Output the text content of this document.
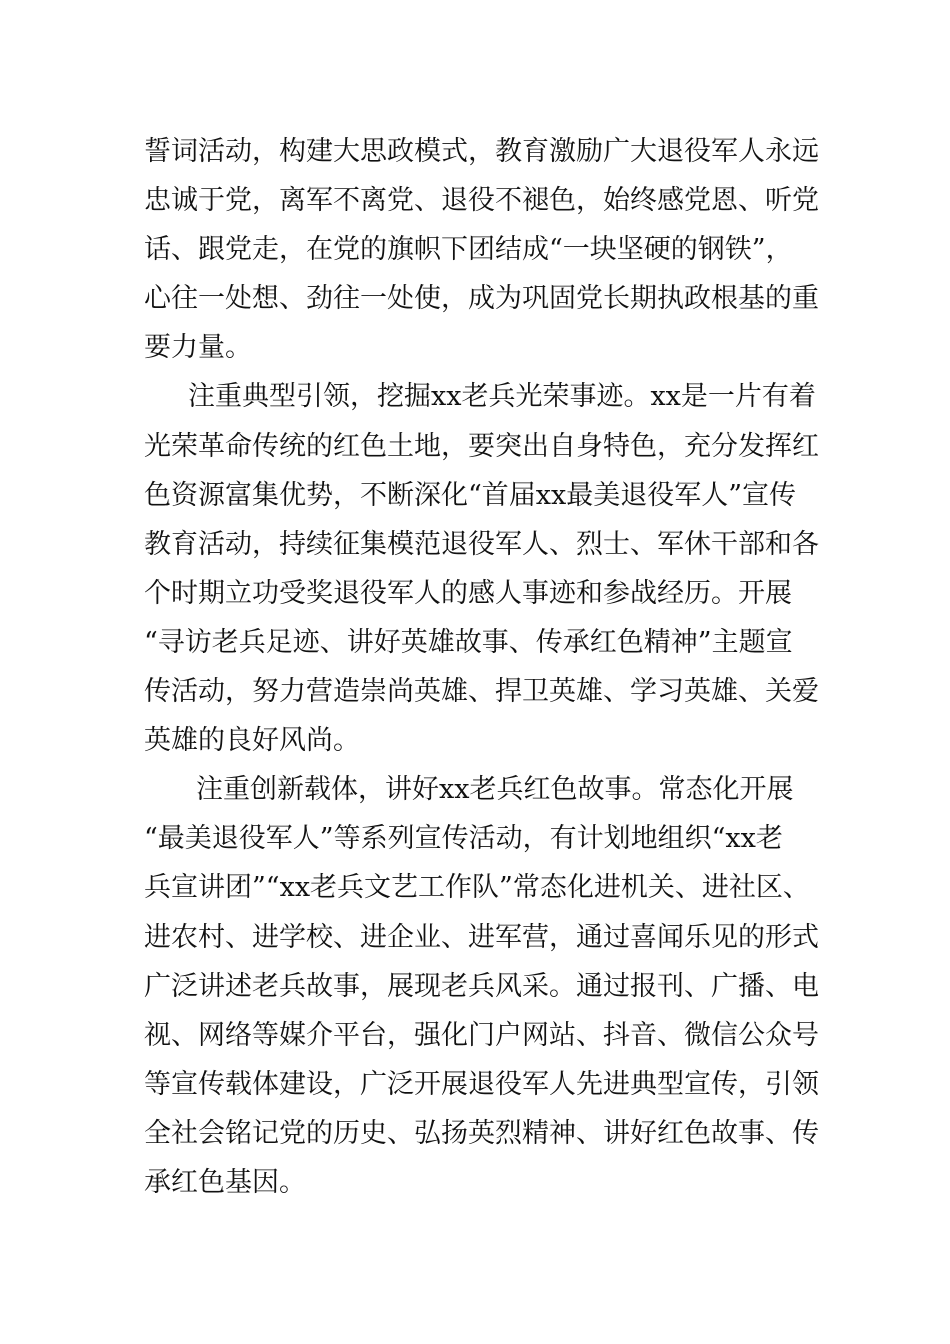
誓词活动，构建大思政模式，教育激励广大退役军人永远
忠诚于党，离军不离党、退役不褪色，始终感党恩、听党
话、跟党走，在党的旗帜下团结成“一块坚硬的钢铁”，
心往一处想、劲往一处使，成为巩固党长期执政根基的重
要力量。
注重典型引领，挖掘xx老兵光荣事迹。xx是一片有着
光荣革命传统的红色土地，要突出自身特色，充分发挥红
色资源富集优势，不断深化“首届xx最美退役军人”宣传
教育活动，持续征集模范退役军人、烈士、军休干部和各
个时期立功受奖退役军人的感人事迹和参战经历。开展
“寻访老兵足迹、讲好英雄故事、传承红色精神”主题宣
传活动，努力营造崇尚英雄、捍卫英雄、学习英雄、关爱
英雄的良好风尚。
注重创新载体，讲好xx老兵红色故事。常态化开展
“最美退役军人”等系列宣传活动，有计划地组织“xx老
兵宣讲团”“xx老兵文艺工作队”常态化进机关、进社区、
进农村、进学校、进企业、进军营，通过喜闻乐见的形式
广泛讲述老兵故事，展现老兵风采。通过报刊、广播、电
视、网络等媒介平台，强化门户网站、抖音、微信公众号
等宣传载体建设，广泛开展退役军人先进典型宣传，引领
全社会铭记党的历史、弘扬英烈精神、讲好红色故事、传
承红色基因。
